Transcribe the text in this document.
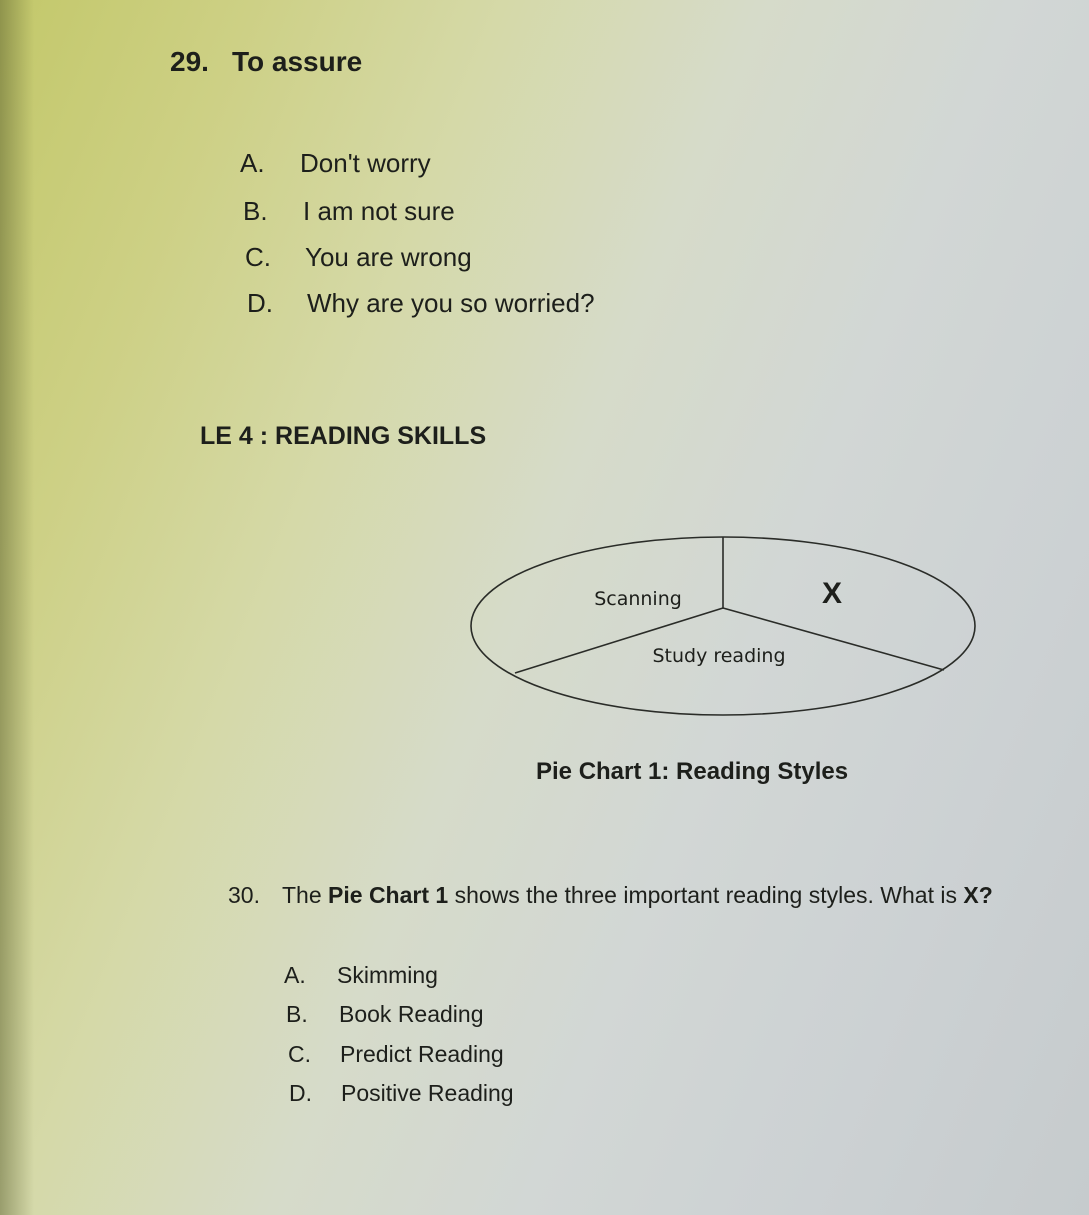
29. To assure
A. Don't worry
B. I am not sure
C. You are wrong
D. Why are you so worried?
LE 4 : READING SKILLS
Scanning	X
Study reading
Pie Chart 1: Reading Styles
30. The Pie Chart 1 shows the three important reading styles. What is X?
A. Skimming
B. Book Reading
C. Predict Reading
D. Positive Reading
